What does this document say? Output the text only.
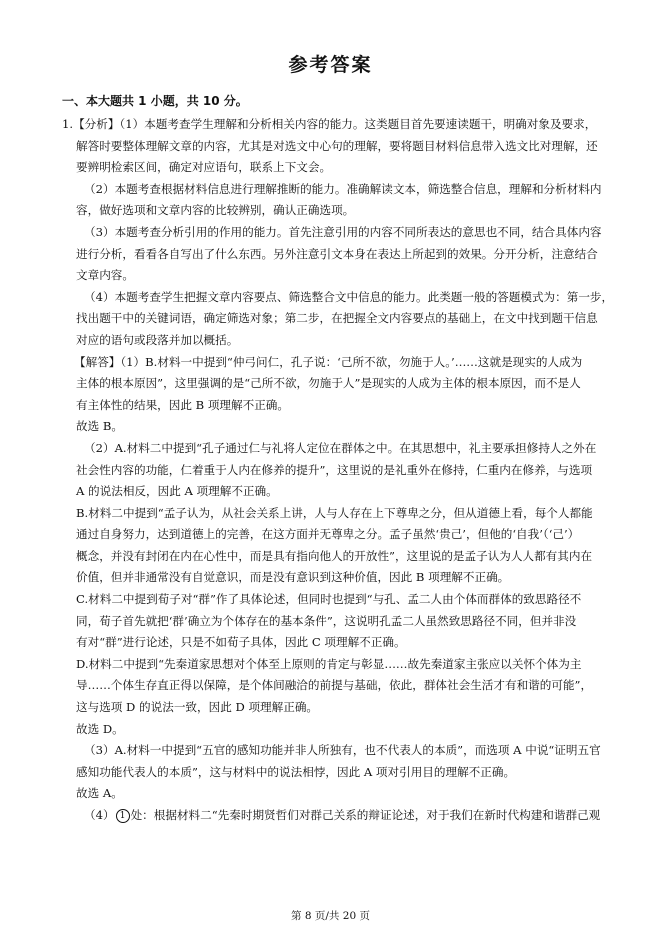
参考答案
一、本大题共 1 小题，共 10 分。
1.【分析】（1）本题考查学生理解和分析相关内容的能力。这类题目首先要速读题干，明确对象及要求，
解答时要整体理解文章的内容，尤其是对选文中心句的理解，要将题目材料信息带入选文比对理解，还
要辨明检索区间，确定对应语句，联系上下文会。
（2）本题考查根据材料信息进行理解推断的能力。准确解读文本，筛选整合信息，理解和分析材料内
容，做好选项和文章内容的比较辨别，确认正确选项。
（3）本题考查分析引用的作用的能力。首先注意引用的内容不同所表达的意思也不同，结合具体内容
进行分析，看看各自写出了什么东西。另外注意引文本身在表达上所起到的效果。分开分析，注意结合
文章内容。
（4）本题考查学生把握文章内容要点、筛选整合文中信息的能力。此类题一般的答题模式为：第一步，
找出题干中的关键词语，确定筛选对象；第二步，在把握全文内容要点的基础上，在文中找到题干信息
对应的语句或段落并加以概括。
【解答】（1）B.材料一中提到“仲弓问仁，孔子说：‘己所不欲，勿施于人。’……这就是现实的人成为
主体的根本原因”，这里强调的是“己所不欲，勿施于人”是现实的人成为主体的根本原因，而不是人
有主体性的结果，因此 B 项理解不正确。
故选 B。
（2）A.材料二中提到“孔子通过仁与礼将人定位在群体之中。在其思想中，礼主要承担修持人之外在
社会性内容的功能，仁着重于人内在修养的提升”，这里说的是礼重外在修持，仁重内在修养，与选项
A 的说法相反，因此 A 项理解不正确。
B.材料二中提到“孟子认为，从社会关系上讲，人与人存在上下尊卑之分，但从道德上看，每个人都能
通过自身努力，达到道德上的完善，在这方面并无尊卑之分。孟子虽然‘贵己’，但他的‘自我’（‘己’）
概念，并没有封闭在内在心性中，而是具有指向他人的开放性”，这里说的是孟子认为人人都有其内在
价值，但并非通常没有自觉意识，而是没有意识到这种价值，因此 B 项理解不正确。
C.材料二中提到荀子对“群”作了具体论述，但同时也提到“与孔、孟二人由个体而群体的致思路径不
同，荀子首先就把‘群’确立为个体存在的基本条件”，这说明孔孟二人虽然致思路径不同，但并非没
有对“群”进行论述，只是不如荀子具体，因此 C 项理解不正确。
D.材料二中提到“先秦道家思想对个体至上原则的肯定与彰显……故先秦道家主张应以关怀个体为主
导……个体生存直正得以保障，是个体间融洽的前提与基础，依此，群体社会生活才有和谐的可能”，
这与选项 D 的说法一致，因此 D 项理解正确。
故选 D。
（3）A.材料一中提到“五官的感知功能并非人所独有，也不代表人的本质”，而选项 A 中说“证明五官
感知功能代表人的本质”，这与材料中的说法相悖，因此 A 项对引用目的理解不正确。
故选 A。
（4） 1 处：根据材料二“先秦时期贤哲们对群己关系的辩证论述，对于我们在新时代构建和谐群己观
第 8 页/共 20 页
